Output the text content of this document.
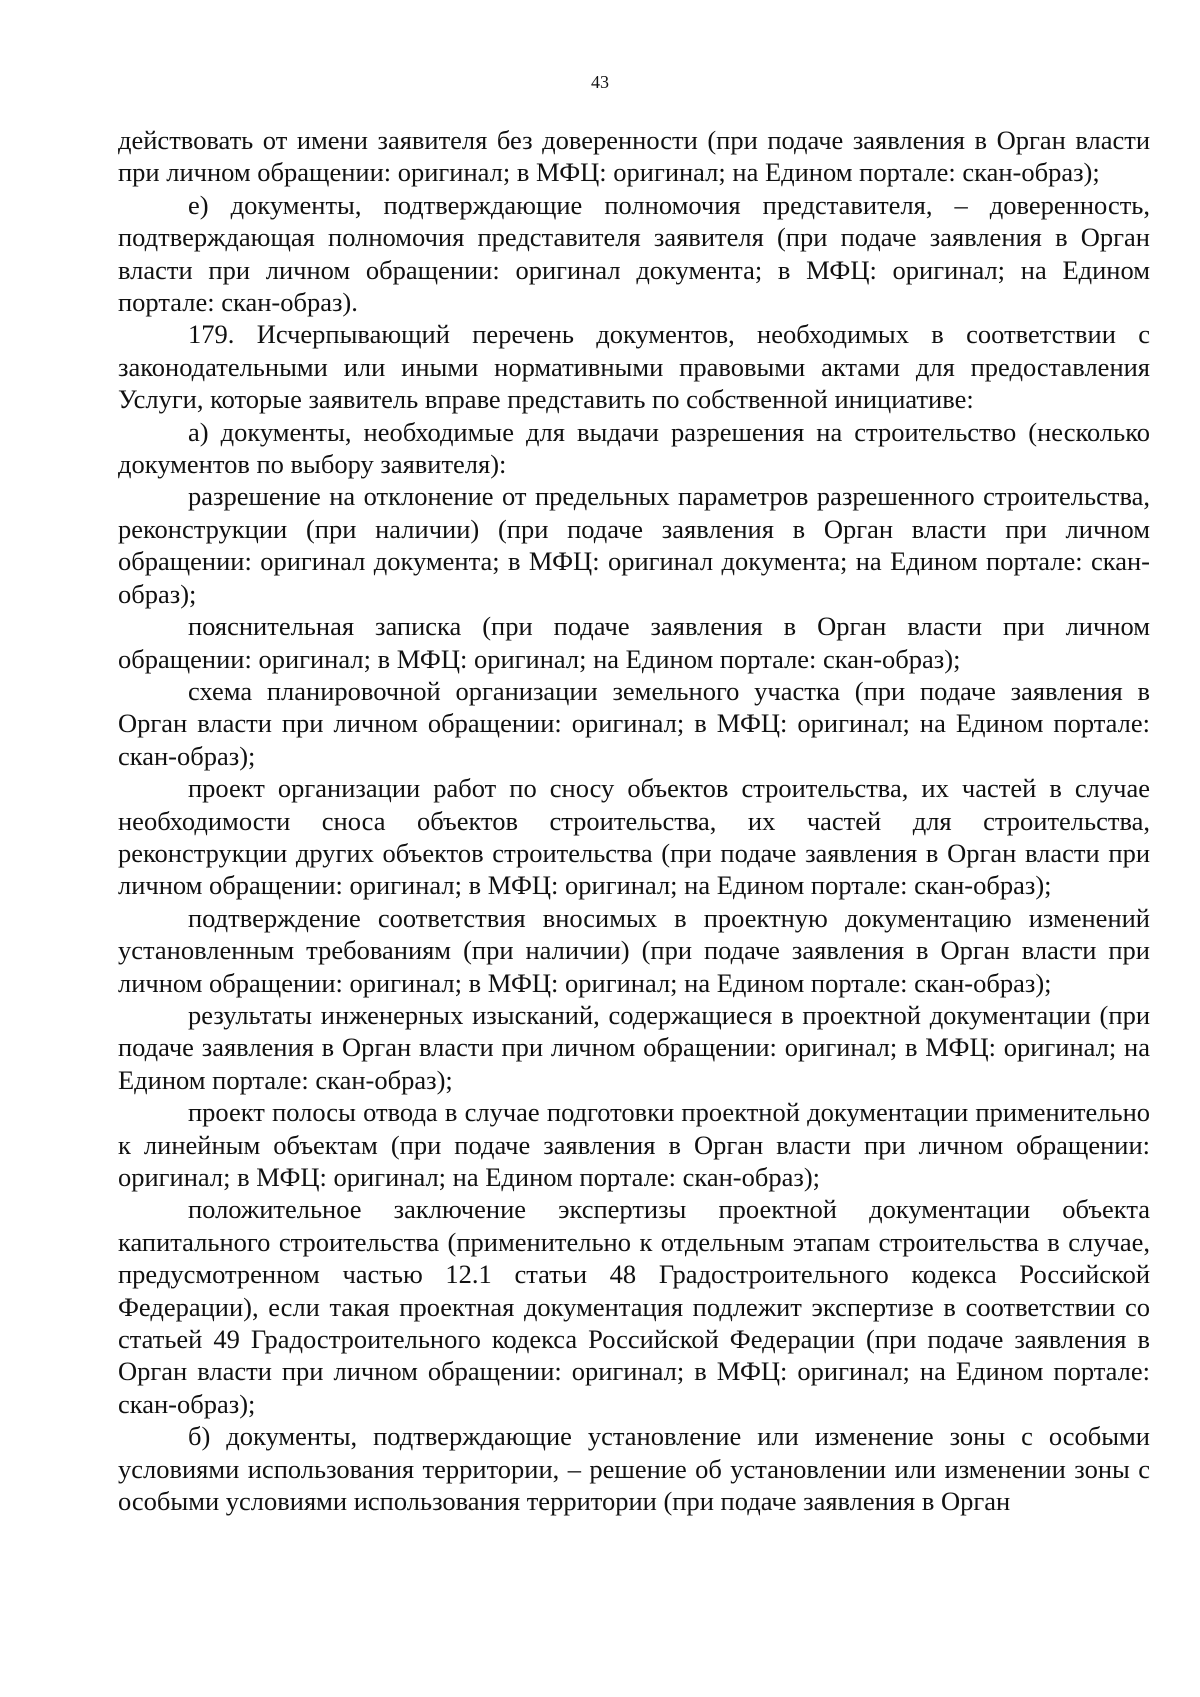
43

действовать от имени заявителя без доверенности (при подаче заявления в Орган власти при личном обращении: оригинал; в МФЦ: оригинал; на Едином портале: скан-образ);

е) документы, подтверждающие полномочия представителя, – доверенность, подтверждающая полномочия представителя заявителя (при подаче заявления в Орган власти при личном обращении: оригинал документа; в МФЦ: оригинал; на Едином портале: скан-образ).

179. Исчерпывающий перечень документов, необходимых в соответствии с законодательными или иными нормативными правовыми актами для предоставления Услуги, которые заявитель вправе представить по собственной инициативе:

а) документы, необходимые для выдачи разрешения на строительство (несколько документов по выбору заявителя):

разрешение на отклонение от предельных параметров разрешенного строительства, реконструкции (при наличии) (при подаче заявления в Орган власти при личном обращении: оригинал документа; в МФЦ: оригинал документа; на Едином портале: скан-образ);

пояснительная записка (при подаче заявления в Орган власти при личном обращении: оригинал; в МФЦ: оригинал; на Едином портале: скан-образ);

схема планировочной организации земельного участка (при подаче заявления в Орган власти при личном обращении: оригинал; в МФЦ: оригинал; на Едином портале: скан-образ);

проект организации работ по сносу объектов строительства, их частей в случае необходимости сноса объектов строительства, их частей для строительства, реконструкции других объектов строительства (при подаче заявления в Орган власти при личном обращении: оригинал; в МФЦ: оригинал; на Едином портале: скан-образ);

подтверждение соответствия вносимых в проектную документацию изменений установленным требованиям (при наличии) (при подаче заявления в Орган власти при личном обращении: оригинал; в МФЦ: оригинал; на Едином портале: скан-образ);

результаты инженерных изысканий, содержащиеся в проектной документации (при подаче заявления в Орган власти при личном обращении: оригинал; в МФЦ: оригинал; на Едином портале: скан-образ);

проект полосы отвода в случае подготовки проектной документации применительно к линейным объектам (при подаче заявления в Орган власти при личном обращении: оригинал; в МФЦ: оригинал; на Едином портале: скан-образ);

положительное заключение экспертизы проектной документации объекта капитального строительства (применительно к отдельным этапам строительства в случае, предусмотренном частью 12.1 статьи 48 Градостроительного кодекса Российской Федерации), если такая проектная документация подлежит экспертизе в соответствии со статьей 49 Градостроительного кодекса Российской Федерации (при подаче заявления в Орган власти при личном обращении: оригинал; в МФЦ: оригинал; на Едином портале: скан-образ);

б) документы, подтверждающие установление или изменение зоны с особыми условиями использования территории, – решение об установлении или изменении зоны с особыми условиями использования территории (при подаче заявления в Орган
